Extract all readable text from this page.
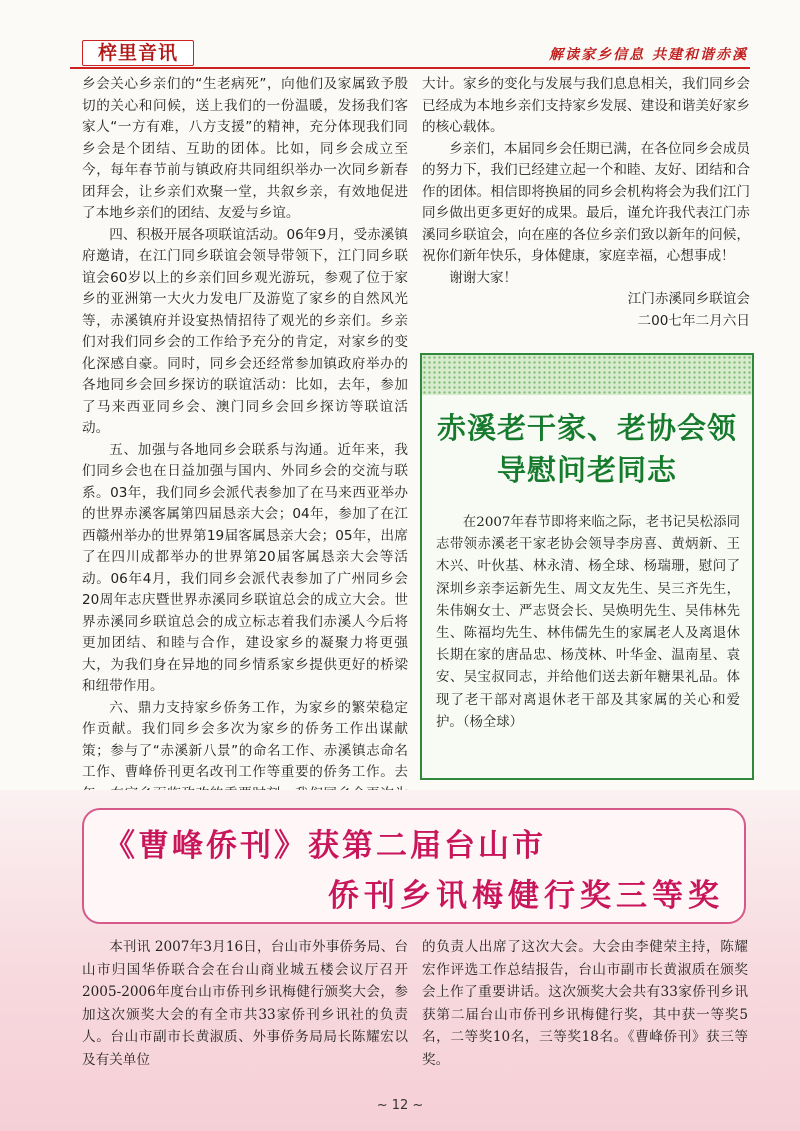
梓里音讯	解读家乡信息 共建和谐赤溪

乡会关心乡亲们的“生老病死”，向他们及家属致予殷切的关心和问候，送上我们的一份温暖，发扬我们客家人“一方有难，八方支援”的精神，充分体现我们同乡会是个团结、互助的团体。比如，同乡会成立至今，每年春节前与镇政府共同组织举办一次同乡新春团拜会，让乡亲们欢聚一堂，共叙乡亲，有效地促进了本地乡亲们的团结、友爱与乡谊。

四、积极开展各项联谊活动。06年9月，受赤溪镇府邀请，在江门同乡联谊会领导带领下，江门同乡联谊会60岁以上的乡亲们回乡观光游玩，参观了位于家乡的亚洲第一大火力发电厂及游览了家乡的自然风光等，赤溪镇府并设宴热情招待了观光的乡亲们。乡亲们对我们同乡会的工作给予充分的肯定，对家乡的变化深感自豪。同时，同乡会还经常参加镇政府举办的各地同乡会回乡探访的联谊活动：比如，去年，参加了马来西亚同乡会、澳门同乡会回乡探访等联谊活动。

五、加强与各地同乡会联系与沟通。近年来，我们同乡会也在日益加强与国内、外同乡会的交流与联系。03年，我们同乡会派代表参加了在马来西亚举办的世界赤溪客属第四届恳亲大会；04年，参加了在江西赣州举办的世界第19届客属恳亲大会；05年，出席了在四川成都举办的世界第20届客属恳亲大会等活动。06年4月，我们同乡会派代表参加了广州同乡会20周年志庆暨世界赤溪同乡联谊总会的成立大会。世界赤溪同乡联谊总会的成立标志着我们赤溪人今后将更加团结、和睦与合作，建设家乡的凝聚力将更强大，为我们身在异地的同乡情系家乡提供更好的桥梁和纽带作用。

六、鼎力支持家乡侨务工作，为家乡的繁荣稳定作贡献。我们同乡会多次为家乡的侨务工作出谋献策；参与了“赤溪新八景”的命名工作、赤溪镇志命名工作、曹峰侨刊更名改刊工作等重要的侨务工作。去

大计。家乡的变化与发展与我们息息相关，我们同乡会已经成为本地乡亲们支持家乡发展、建设和谐美好家乡的核心载体。

乡亲们，本届同乡会任期已满，在各位同乡会成员的努力下，我们已经建立起一个和睦、友好、团结和合作的团体。相信即将换届的同乡会机构将会为我们江门同乡做出更多更好的成果。最后，谨允许我代表江门赤溪同乡联谊会，向在座的各位乡亲们致以新年的问候，祝你们新年快乐，身体健康，家庭幸福，心想事成！

谢谢大家！

江门赤溪同乡联谊会

二00七年二月六日

赤溪老干家、老协会领导慰问老同志
在2007年春节即将来临之际，老书记吴松添同志带领赤溪老干家老协会领导李房喜、黄炳新、王木兴、叶伙基、林永清、杨全球、杨瑞珊，慰问了深圳乡亲李运新先生、周文友先生、吴三齐先生，朱伟娴女士、严志贤会长、吴焕明先生、吴伟林先生、陈福均先生、林伟儒先生的家属老人及离退休长期在家的唐品忠、杨茂林、叶华金、温南星、袁安、吴宝叔同志，并给他们送去新年糖果礼品。体现了老干部对离退休老干部及其家属的关心和爱护。（杨全球）
《曹峰侨刊》获第二届台山市
侨刊乡讯梅健行奖三等奖
本刊讯 2007年3月16日，台山市外事侨务局、台山市归国华侨联合会在台山商业城五楼会议厅召开2005-2006年度台山市侨刊乡讯梅健行颁奖大会，参加这次颁奖大会的有全市共33家侨刊乡讯社的负责人。台山市副市长黄淑质、外事侨务局局长陈耀宏以及有关单位
的负责人出席了这次大会。大会由李健荣主持，陈耀宏作评选工作总结报告，台山市副市长黄淑质在颁奖会上作了重要讲话。这次颁奖大会共有33家侨刊乡讯获第二届台山市侨刊乡讯梅健行奖，其中获一等奖5名，二等奖10名，三等奖18名。《曹峰侨刊》获三等奖。
~ 12 ~
